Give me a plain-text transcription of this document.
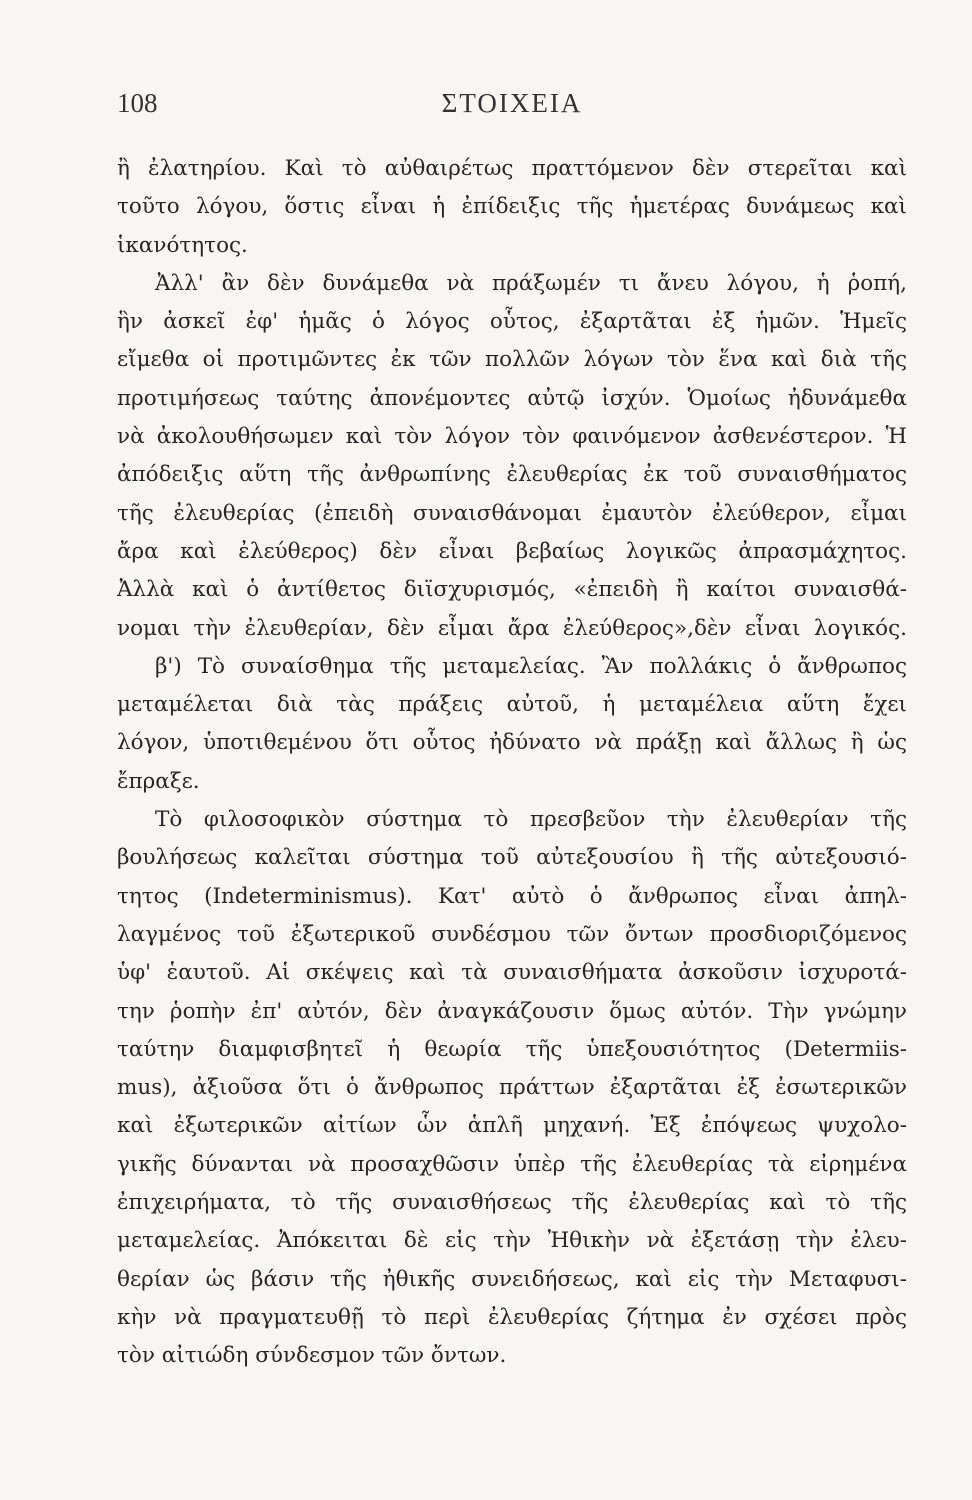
108	ΣΤΟΙΧΕΙΑ
ἢ ἐλατηρίου. Καὶ τὸ αὐθαιρέτως πραττόμενον δὲν στερεῖται καὶ
τοῦτο λόγου, ὅστις εἶναι ἡ ἐπίδειξις τῆς ἡμετέρας δυνάμεως καὶ
ἱκανότητος.
Ἀλλ' ἂν δὲν δυνάμεθα νὰ πράξωμέν τι ἄνευ λόγου, ἡ ῥοπή,
ἣν ἀσκεῖ ἐφ' ἡμᾶς ὁ λόγος οὗτος, ἐξαρτᾶται ἐξ ἡμῶν. Ἡμεῖς
εἴμεθα οἱ προτιμῶντες ἐκ τῶν πολλῶν λόγων τὸν ἕνα καὶ διὰ τῆς
προτιμήσεως ταύτης ἀπονέμοντες αὐτῷ ἰσχύν. Ὁμοίως ἠδυνάμεθα
νὰ ἀκολουθήσωμεν καὶ τὸν λόγον τὸν φαινόμενον ἀσθενέστερον. Ἡ
ἀπόδειξις αὕτη τῆς ἀνθρωπίνης ἐλευθερίας ἐκ τοῦ συναισθήματος
τῆς ἐλευθερίας (ἐπειδὴ συναισθάνομαι ἐμαυτὸν ἐλεύθερον, εἶμαι
ἄρα καὶ ἐλεύθερος) δὲν εἶναι βεβαίως λογικῶς ἀπρασμάχητος.
Ἀλλὰ καὶ ὁ ἀντίθετος διϊσχυρισμός, «ἐπειδὴ ἢ καίτοι συναισθά-
νομαι τὴν ἐλευθερίαν, δὲν εἶμαι ἄρα ἐλεύθερος»,δὲν εἶναι λογικός.
β') Τὸ συναίσθημα τῆς μεταμελείας. Ἂν πολλάκις ὁ ἄνθρωπος
μεταμέλεται διὰ τὰς πράξεις αὐτοῦ, ἡ μεταμέλεια αὕτη ἔχει
λόγον, ὑποτιθεμένου ὅτι οὗτος ἠδύνατο νὰ πράξῃ καὶ ἄλλως ἢ ὡς
ἔπραξε.
Τὸ φιλοσοφικὸν σύστημα τὸ πρεσβεῦον τὴν ἐλευθερίαν τῆς
βουλήσεως καλεῖται σύστημα τοῦ αὐτεξουσίου ἢ τῆς αὐτεξουσιό-
τητος (Indeterminismus). Κατ' αὐτὸ ὁ ἄνθρωπος εἶναι ἀπηλ-
λαγμένος τοῦ ἐξωτερικοῦ συνδέσμου τῶν ὄντων προσδιοριζόμενος
ὑφ' ἑαυτοῦ. Αἱ σκέψεις καὶ τὰ συναισθήματα ἀσκοῦσιν ἰσχυροτά-
την ῥοπὴν ἐπ' αὐτόν, δὲν ἀναγκάζουσιν ὅμως αὐτόν. Τὴν γνώμην
ταύτην διαμφισβητεῖ ἡ θεωρία τῆς ὑπεξουσιότητος (Determiis-
mus), ἀξιοῦσα ὅτι ὁ ἄνθρωπος πράττων ἐξαρτᾶται ἐξ ἐσωτερικῶν
καὶ ἐξωτερικῶν αἰτίων ὧν ἁπλῆ μηχανή. Ἐξ ἐπόψεως ψυχολο-
γικῆς δύνανται νὰ προσαχθῶσιν ὑπὲρ τῆς ἐλευθερίας τὰ εἰρημένα
ἐπιχειρήματα, τὸ τῆς συναισθήσεως τῆς ἐλευθερίας καὶ τὸ τῆς
μεταμελείας. Ἀπόκειται δὲ εἰς τὴν Ἠθικὴν νὰ ἐξετάσῃ τὴν ἐλευ-
θερίαν ὡς βάσιν τῆς ἠθικῆς συνειδήσεως, καὶ εἰς τὴν Μεταφυσι-
κὴν νὰ πραγματευθῇ τὸ περὶ ἐλευθερίας ζήτημα ἐν σχέσει πρὸς
τὸν αἰτιώδη σύνδεσμον τῶν ὄντων.
